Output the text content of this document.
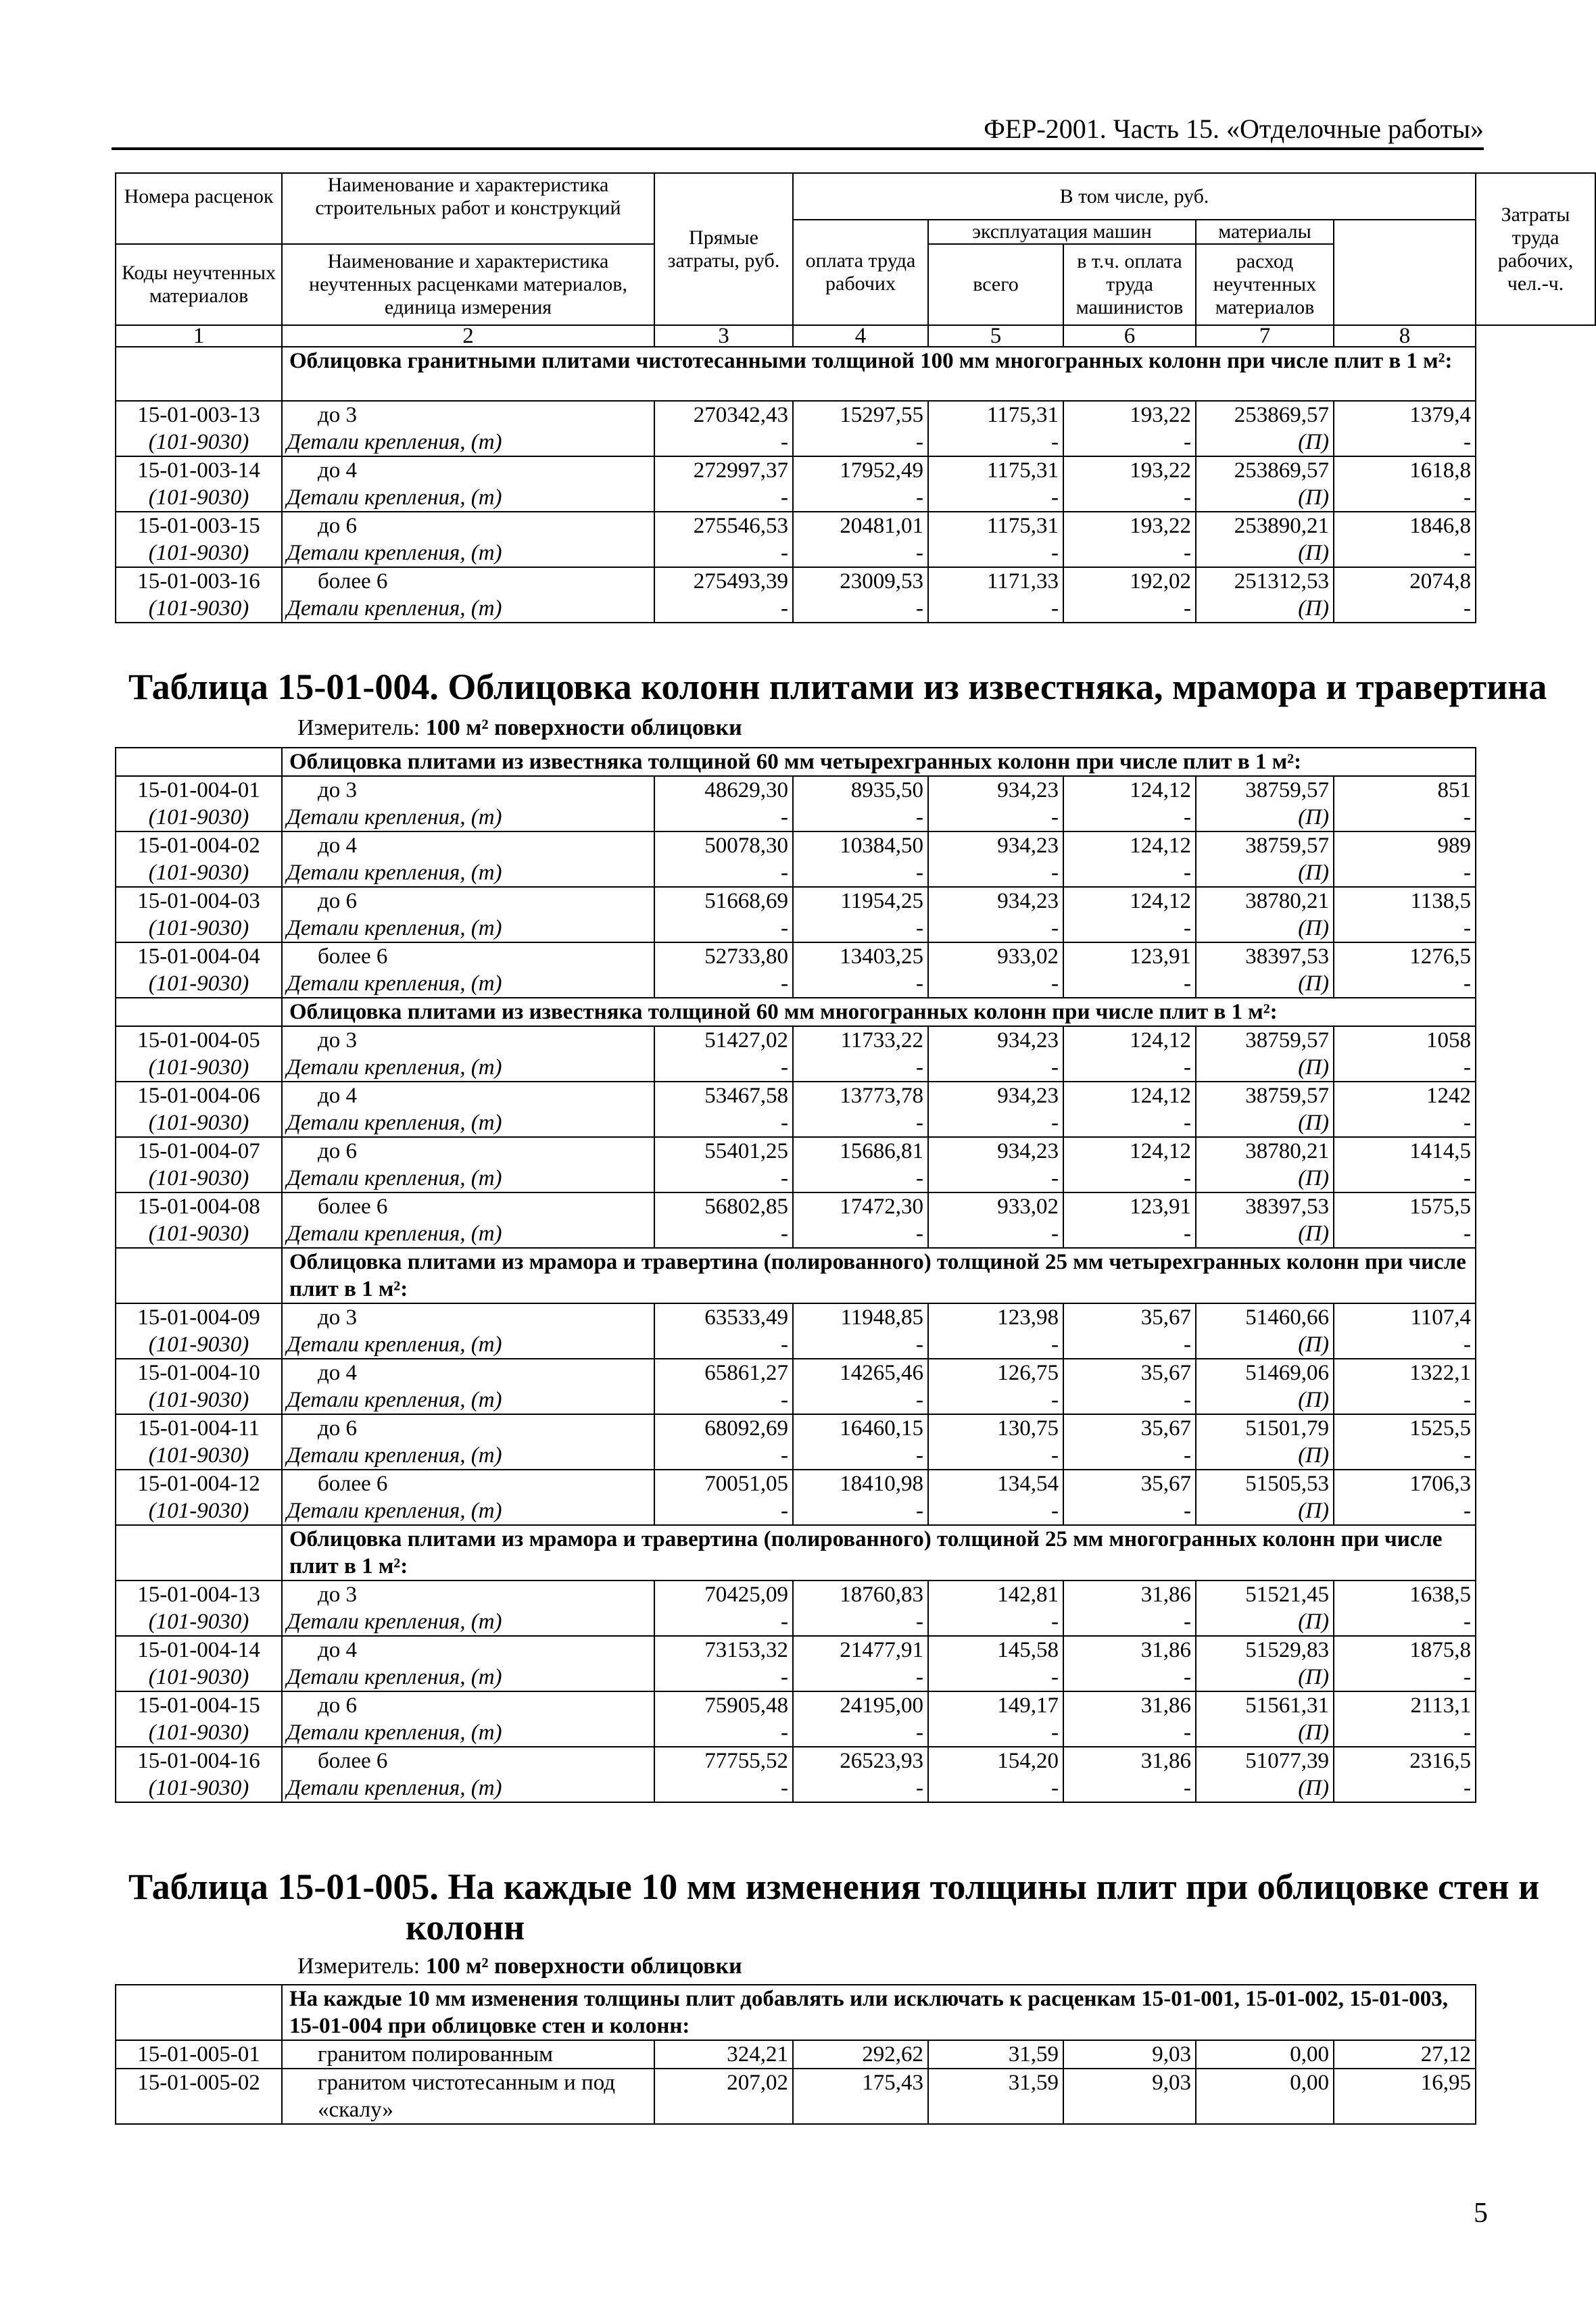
ФЕР-2001. Часть 15. «Отделочные работы»
Номера расценок	Наименование и характеристика строительных работ и конструкций	Прямые затраты, руб.	В том числе, руб.					Затраты труда рабочих, чел.-ч.
			оплата труда рабочих	эксплуатация машин		материалы		
Коды неучтенных материалов	Наименование и характеристика неучтенных расценками материалов, единица измерения			всего	в т.ч. оплата труда машинистов	расход неучтенных материалов		

1	2	3	4	5	6	7	8	
	Облицовка гранитными плитами чистотесанными толщиной 100 мм многогранных колонн при числе плит в 1 м²:							
15-01-003-13	до 3	270342,43	15297,55	1175,31	193,22	253869,57	1379,4	
(101-9030)	Детали крепления, (т)	-	-	-	-	(П)	-	
15-01-003-14	до 4	272997,37	17952,49	1175,31	193,22	253869,57	1618,8	
(101-9030)	Детали крепления, (т)	-	-	-	-	(П)	-	
15-01-003-15	до 6	275546,53	20481,01	1175,31	193,22	253890,21	1846,8	
(101-9030)	Детали крепления, (т)	-	-	-	-	(П)	-	
15-01-003-16	более 6	275493,39	23009,53	1171,33	192,02	251312,53	2074,8	
(101-9030)	Детали крепления, (т)	-	-	-	-	(П)	-	

Таблица 15-01-004. Облицовка колонн плитами из известняка, мрамора и травертина
Измеритель: 100 м² поверхности облицовки
	Облицовка плитами из известняка толщиной 60 мм четырехгранных колонн при числе плит в 1 м²:						
15-01-004-01	до 3	48629,30	8935,50	934,23	124,12	38759,57	851
(101-9030)	Детали крепления, (т)	-	-	-	-	(П)	-
15-01-004-02	до 4	50078,30	10384,50	934,23	124,12	38759,57	989
(101-9030)	Детали крепления, (т)	-	-	-	-	(П)	-
15-01-004-03	до 6	51668,69	11954,25	934,23	124,12	38780,21	1138,5
(101-9030)	Детали крепления, (т)	-	-	-	-	(П)	-
15-01-004-04	более 6	52733,80	13403,25	933,02	123,91	38397,53	1276,5
(101-9030)	Детали крепления, (т)	-	-	-	-	(П)	-
	Облицовка плитами из известняка толщиной 60 мм многогранных колонн при числе плит в 1 м²:						
15-01-004-05	до 3	51427,02	11733,22	934,23	124,12	38759,57	1058
(101-9030)	Детали крепления, (т)	-	-	-	-	(П)	-
15-01-004-06	до 4	53467,58	13773,78	934,23	124,12	38759,57	1242
(101-9030)	Детали крепления, (т)	-	-	-	-	(П)	-
15-01-004-07	до 6	55401,25	15686,81	934,23	124,12	38780,21	1414,5
(101-9030)	Детали крепления, (т)	-	-	-	-	(П)	-
15-01-004-08	более 6	56802,85	17472,30	933,02	123,91	38397,53	1575,5
(101-9030)	Детали крепления, (т)	-	-	-	-	(П)	-
	Облицовка плитами из мрамора и травертина (полированного) толщиной 25 мм четырехгранных колонн при числе плит в 1 м²:						
15-01-004-09	до 3	63533,49	11948,85	123,98	35,67	51460,66	1107,4
(101-9030)	Детали крепления, (т)	-	-	-	-	(П)	-
15-01-004-10	до 4	65861,27	14265,46	126,75	35,67	51469,06	1322,1
(101-9030)	Детали крепления, (т)	-	-	-	-	(П)	-
15-01-004-11	до 6	68092,69	16460,15	130,75	35,67	51501,79	1525,5
(101-9030)	Детали крепления, (т)	-	-	-	-	(П)	-
15-01-004-12	более 6	70051,05	18410,98	134,54	35,67	51505,53	1706,3
(101-9030)	Детали крепления, (т)	-	-	-	-	(П)	-
	Облицовка плитами из мрамора и травертина (полированного) толщиной 25 мм многогранных колонн при числе плит в 1 м²:						
15-01-004-13	до 3	70425,09	18760,83	142,81	31,86	51521,45	1638,5
(101-9030)	Детали крепления, (т)	-	-	-	-	(П)	-
15-01-004-14	до 4	73153,32	21477,91	145,58	31,86	51529,83	1875,8
(101-9030)	Детали крепления, (т)	-	-	-	-	(П)	-
15-01-004-15	до 6	75905,48	24195,00	149,17	31,86	51561,31	2113,1
(101-9030)	Детали крепления, (т)	-	-	-	-	(П)	-
15-01-004-16	более 6	77755,52	26523,93	154,20	31,86	51077,39	2316,5
(101-9030)	Детали крепления, (т)	-	-	-	-	(П)	-
Таблица 15-01-005. На каждые 10 мм изменения толщины плит при облицовке стен и
колонн
Измеритель: 100 м² поверхности облицовки
	На каждые 10 мм изменения толщины плит добавлять или исключать к расценкам 15-01-001, 15-01-002, 15-01-003, 15-01-004 при облицовке стен и колонн:						
15-01-005-01	гранитом полированным	324,21	292,62	31,59	9,03	0,00	27,12
15-01-005-02	гранитом чистотесанным и под «скалу»	207,02	175,43	31,59	9,03	0,00	16,95
5
